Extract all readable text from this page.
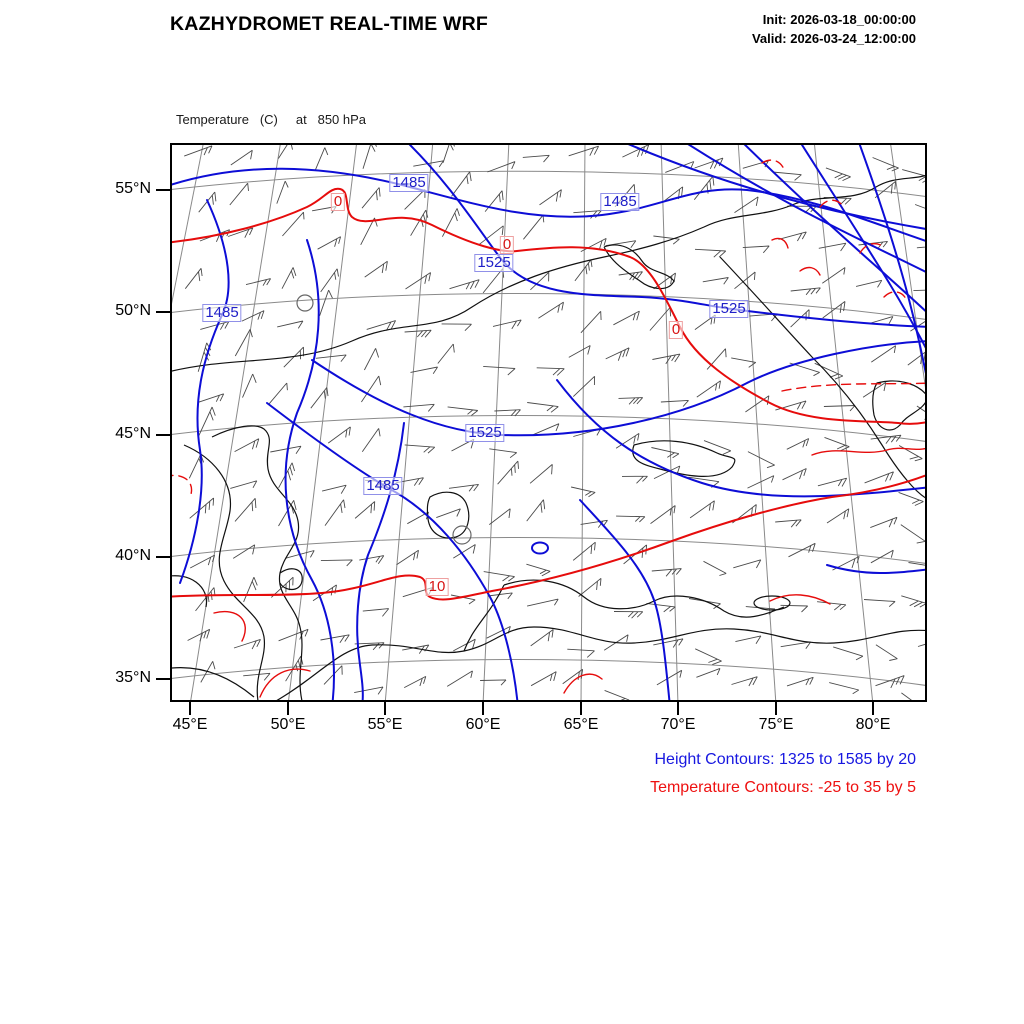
KAZHYDROMET REAL-TIME WRF	Init: 2026-03-18_00:00:00
Valid: 2026-03-24_12:00:00

Temperature   (C)     at   850 hPa

55°N
50°N
45°N
40°N
35°N
45°E	50°E	55°E	60°E	65°E	70°E	75°E	80°E
0
0
0
10
1485
1485
1525
1485	1525
1525
1485
Height Contours: 1325 to 1585 by 20
Temperature Contours: -25 to 35 by 5
